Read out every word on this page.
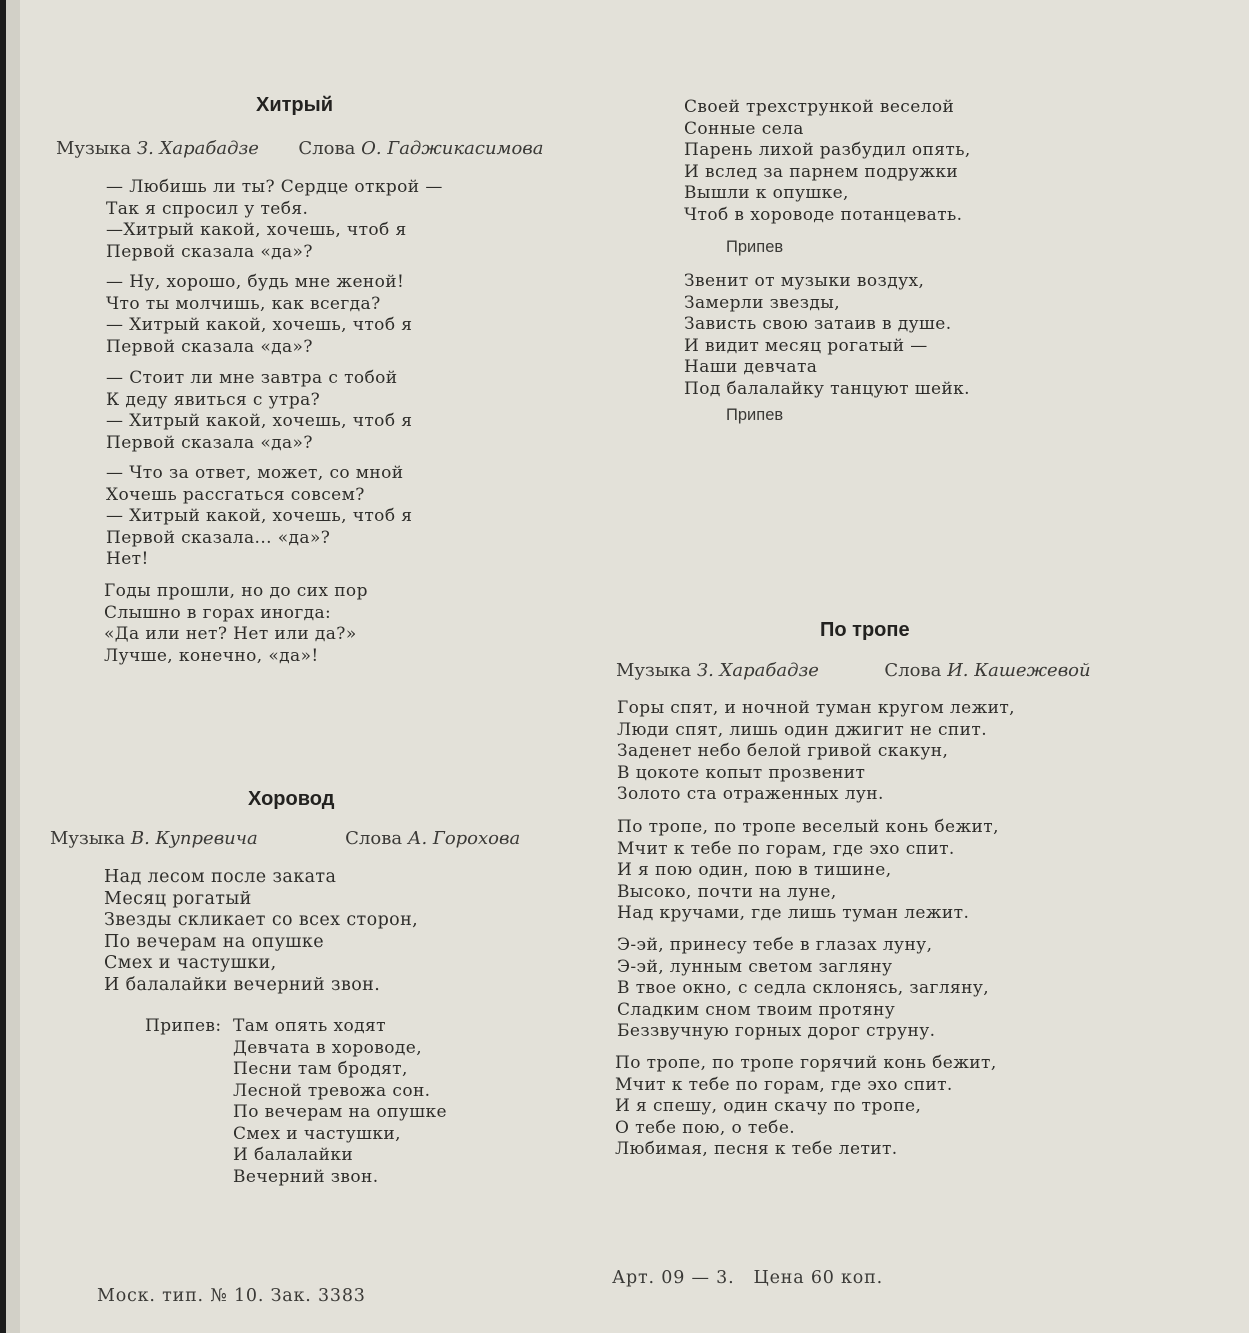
Хитрый
Музыка З. Харабадзе Слова О. Гаджикасимова
— Любишь ли ты? Сердце открой —
Так я спросил у тебя.
—Хитрый какой, хочешь, чтоб я
Первой сказала «да»?
— Ну, хорошо, будь мне женой!
Что ты молчишь, как всегда?
— Хитрый какой, хочешь, чтоб я
Первой сказала «да»?
— Стоит ли мне завтра с тобой
К деду явиться с утра?
— Хитрый какой, хочешь, чтоб я
Первой сказала «да»?
— Что за ответ, может, со мной
Хочешь рассгаться совсем?
— Хитрый какой, хочешь, чтоб я
Первой сказала... «да»?
Нет!
Годы прошли, но до сих пор
Слышно в горах иногда:
«Да или нет? Нет или да?»
Лучше, конечно, «да»!
Хоровод
Музыка В. Купревича	Слова А. Горохова
Над лесом после заката
Месяц рогатый
Звезды скликает со всех сторон,
По вечерам на опушке
Смех и частушки,
И балалайки вечерний звон.
Припев: Там опять ходят
Девчата в хороводе,
Песни там бродят,
Лесной тревожа сон.
По вечерам на опушке
Смех и частушки,
И балалайки
Вечерний звон.
Своей трехстрункой веселой
Сонные села
Парень лихой разбудил опять,
И вслед за парнем подружки
Вышли к опушке,
Чтоб в хороводе потанцевать.
Припев
Звенит от музыки воздух,
Замерли звезды,
Зависть свою затаив в душе.
И видит месяц рогатый —
Наши девчата
Под балалайку танцуют шейк.
Припев
По тропе
Музыка З. Харабадзе	Слова И. Кашежевой
Горы спят, и ночной туман кругом лежит,
Люди спят, лишь один джигит не спит.
Заденет небо белой гривой скакун,
В цокоте копыт прозвенит
Золото ста отраженных лун.
По тропе, по тропе веселый конь бежит,
Мчит к тебе по горам, где эхо спит.
И я пою один, пою в тишине,
Высоко, почти на луне,
Над кручами, где лишь туман лежит.
Э-эй, принесу тебе в глазах луну,
Э-эй, лунным светом загляну
В твое окно, с седла склонясь, загляну,
Сладким сном твоим протяну
Беззвучную горных дорог струну.
По тропе, по тропе горячий конь бежит,
Мчит к тебе по горам, где эхо спит.
И я спешу, один скачу по тропе,
О тебе пою, о тебе.
Любимая, песня к тебе летит.
Моск. тип. № 10. Зак. 3383
Арт. 09 — 3.   Цена 60 коп.
